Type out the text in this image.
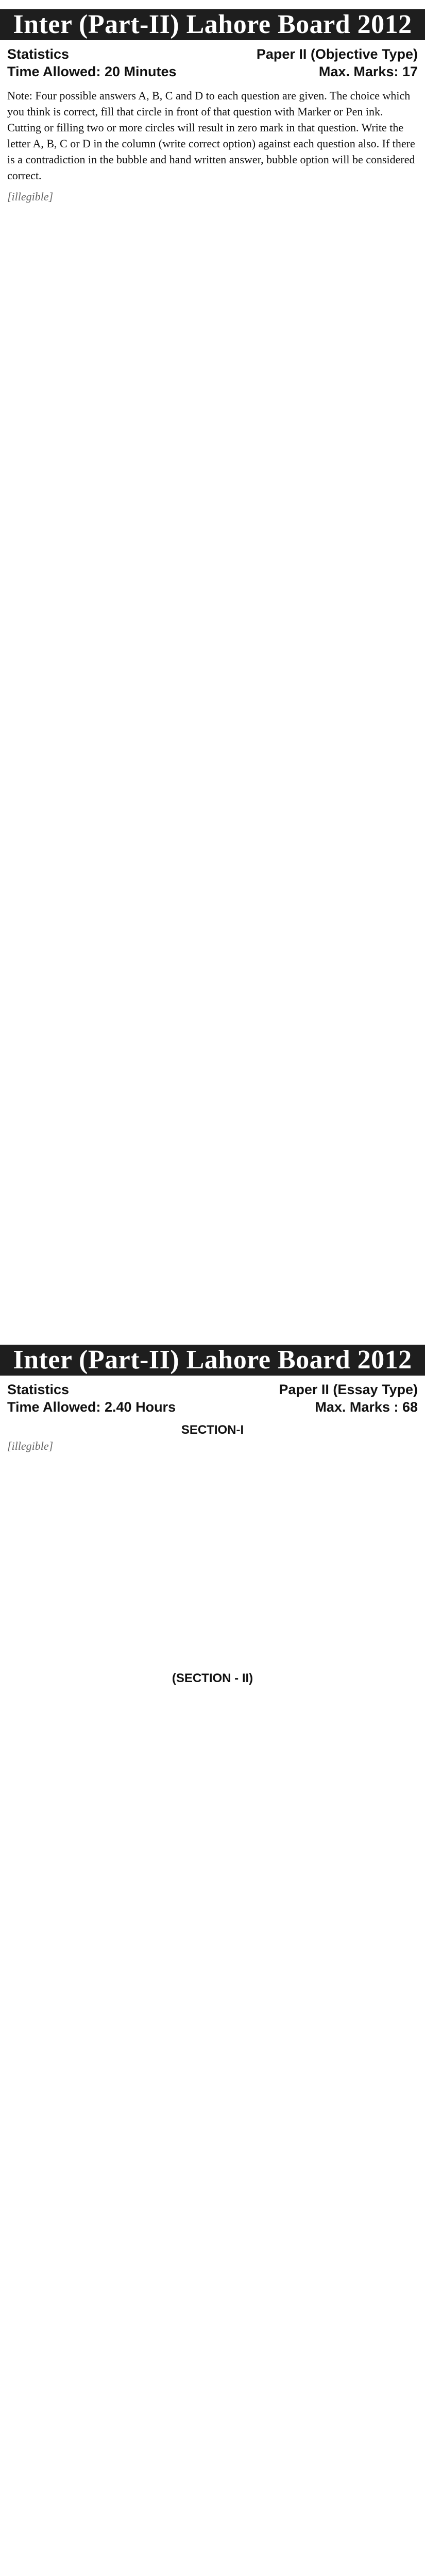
Inter (Part-II) Lahore Board 2012
Statistics	Paper II (Objective Type)
Time Allowed: 20 Minutes	Max. Marks: 17
Note: Four possible answers A, B, C and D to each question are given. The choice which you think is correct, fill that circle in front of that question with Marker or Pen ink. Cutting or filling two or more circles will result in zero mark in that question. Write the letter A, B, C or D in the column (write correct option) against each question also. If there is a contradiction in the bubble and hand written answer, bubble option will be considered correct.
[illegible]
Inter (Part-II) Lahore Board 2012
Statistics	Paper II (Essay Type)
Time Allowed: 2.40 Hours	Max. Marks : 68
SECTION-I
[illegible]
(SECTION - II)
